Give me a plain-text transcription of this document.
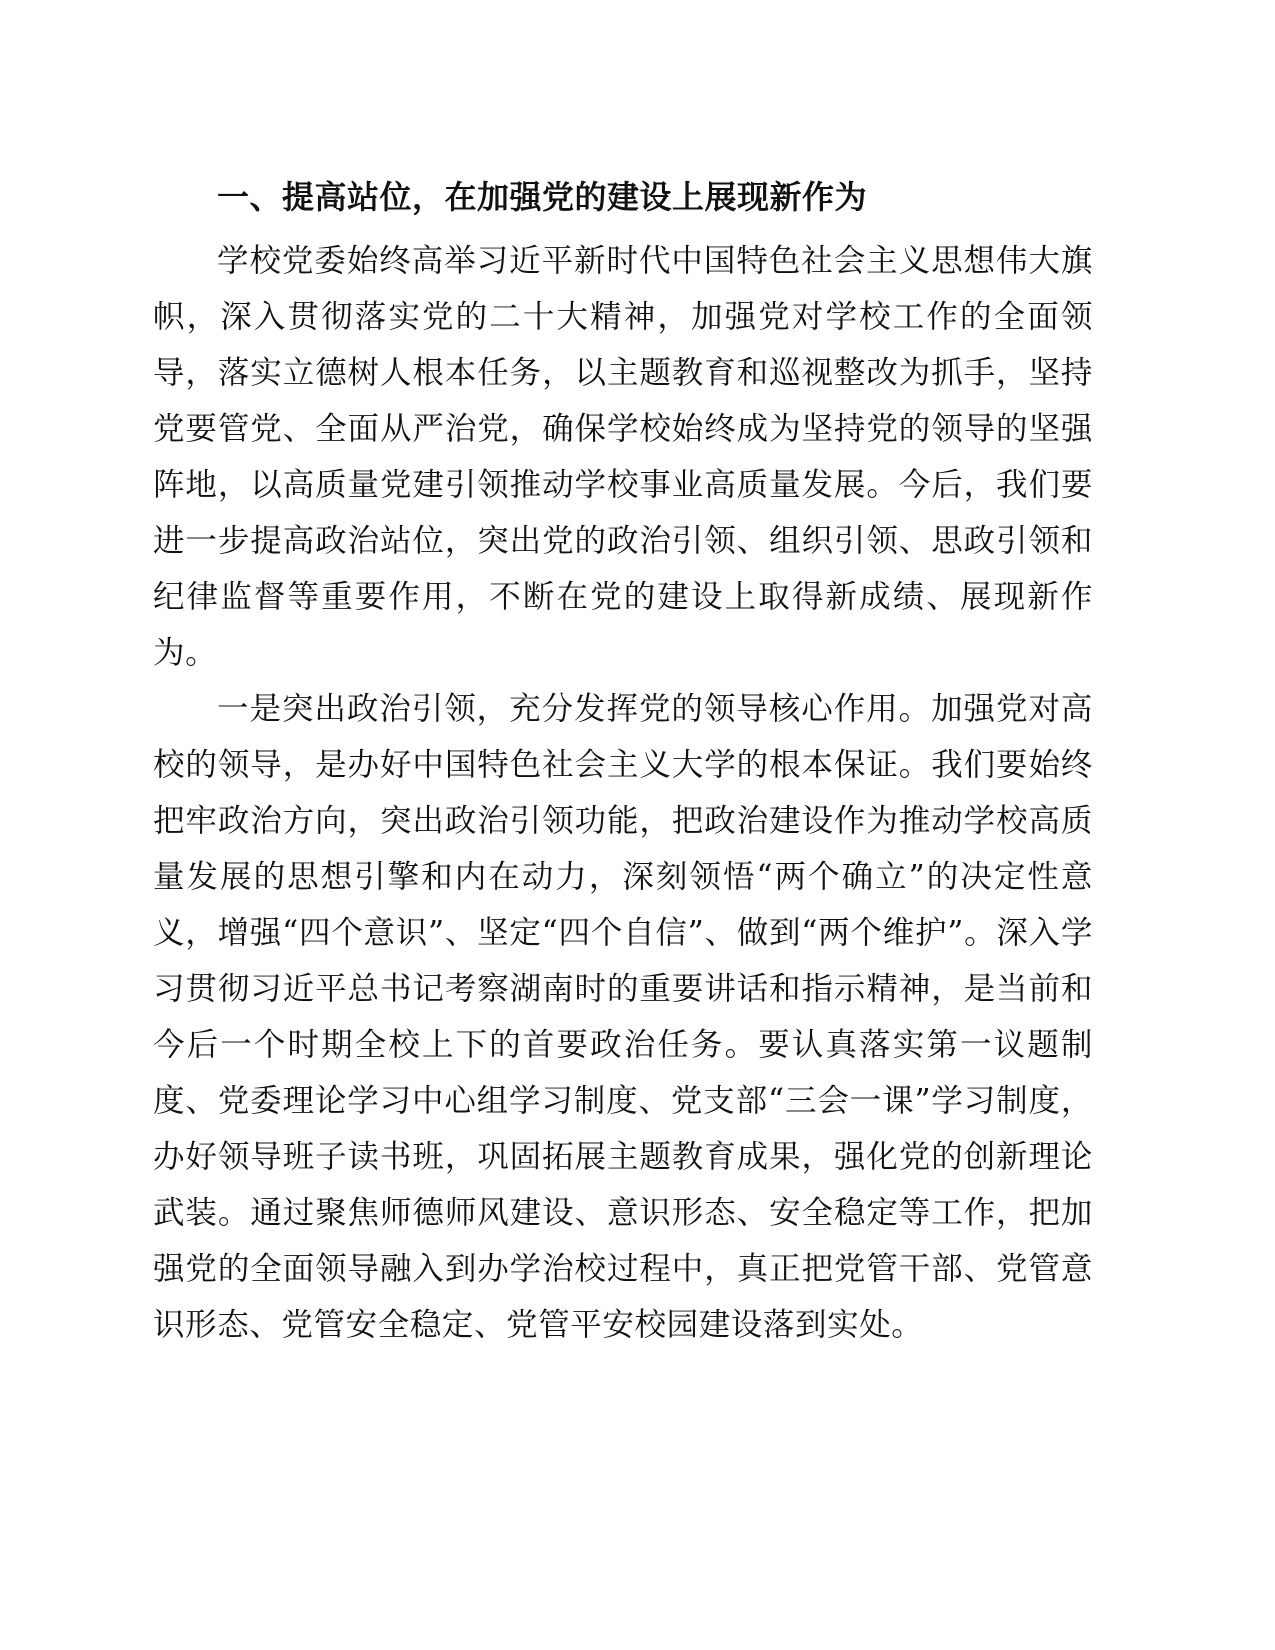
一、提高站位，在加强党的建设上展现新作为

学校党委始终高举习近平新时代中国特色社会主义思想伟大旗帜，深入贯彻落实党的二十大精神，加强党对学校工作的全面领导，落实立德树人根本任务，以主题教育和巡视整改为抓手，坚持党要管党、全面从严治党，确保学校始终成为坚持党的领导的坚强阵地，以高质量党建引领推动学校事业高质量发展。今后，我们要进一步提高政治站位，突出党的政治引领、组织引领、思政引领和纪律监督等重要作用，不断在党的建设上取得新成绩、展现新作为。

一是突出政治引领，充分发挥党的领导核心作用。加强党对高校的领导，是办好中国特色社会主义大学的根本保证。我们要始终把牢政治方向，突出政治引领功能，把政治建设作为推动学校高质量发展的思想引擎和内在动力，深刻领悟“两个确立”的决定性意义，增强“四个意识”、坚定“四个自信”、做到“两个维护”。深入学习贯彻习近平总书记考察湖南时的重要讲话和指示精神，是当前和今后一个时期全校上下的首要政治任务。要认真落实第一议题制度、党委理论学习中心组学习制度、党支部“三会一课”学习制度，办好领导班子读书班，巩固拓展主题教育成果，强化党的创新理论武装。通过聚焦师德师风建设、意识形态、安全稳定等工作，把加强党的全面领导融入到办学治校过程中，真正把党管干部、党管意识形态、党管安全稳定、党管平安校园建设落到实处。
